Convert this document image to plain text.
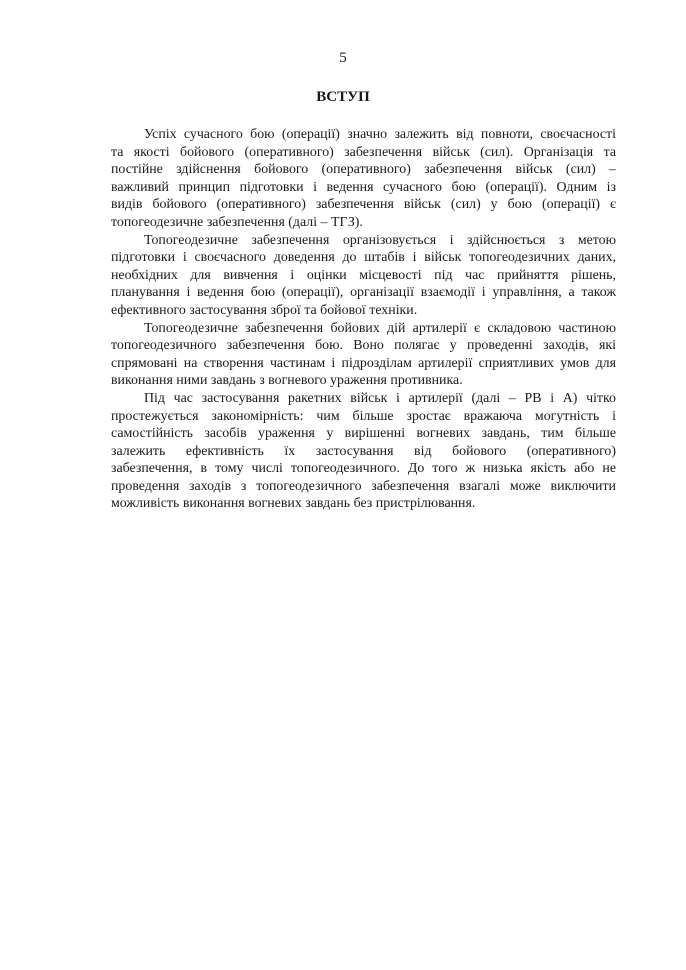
5
ВСТУП
Успіх сучасного бою (операції) значно залежить від повноти, своєчасності
та якості бойового (оперативного) забезпечення військ (сил). Організація та
постійне здійснення бойового (оперативного) забезпечення військ (сил) –
важливий принцип підготовки і ведення сучасного бою (операції). Одним із
видів бойового (оперативного) забезпечення військ (сил) у бою (операції) є
топогеодезичне забезпечення (далі – ТГЗ).
Топогеодезичне забезпечення організовується і здійснюється з метою
підготовки і своєчасного доведення до штабів і військ топогеодезичних даних,
необхідних для вивчення і оцінки місцевості під час прийняття рішень,
планування і ведення бою (операції), організації взаємодії і управління, а також
ефективного застосування зброї та бойової техніки.
Топогеодезичне забезпечення бойових дій артилерії є складовою частиною
топогеодезичного забезпечення бою. Воно полягає у проведенні заходів, які
спрямовані на створення частинам і підрозділам артилерії сприятливих умов для
виконання ними завдань з вогневого ураження противника.
Під час застосування ракетних військ і артилерії (далі – РВ і А) чітко
простежується закономірність: чим більше зростає вражаюча могутність і
самостійність засобів ураження у вирішенні вогневих завдань, тим більше
залежить ефективність їх застосування від бойового (оперативного)
забезпечення, в тому числі топогеодезичного. До того ж низька якість або не
проведення заходів з топогеодезичного забезпечення взагалі може виключити
можливість виконання вогневих завдань без пристрілювання.
